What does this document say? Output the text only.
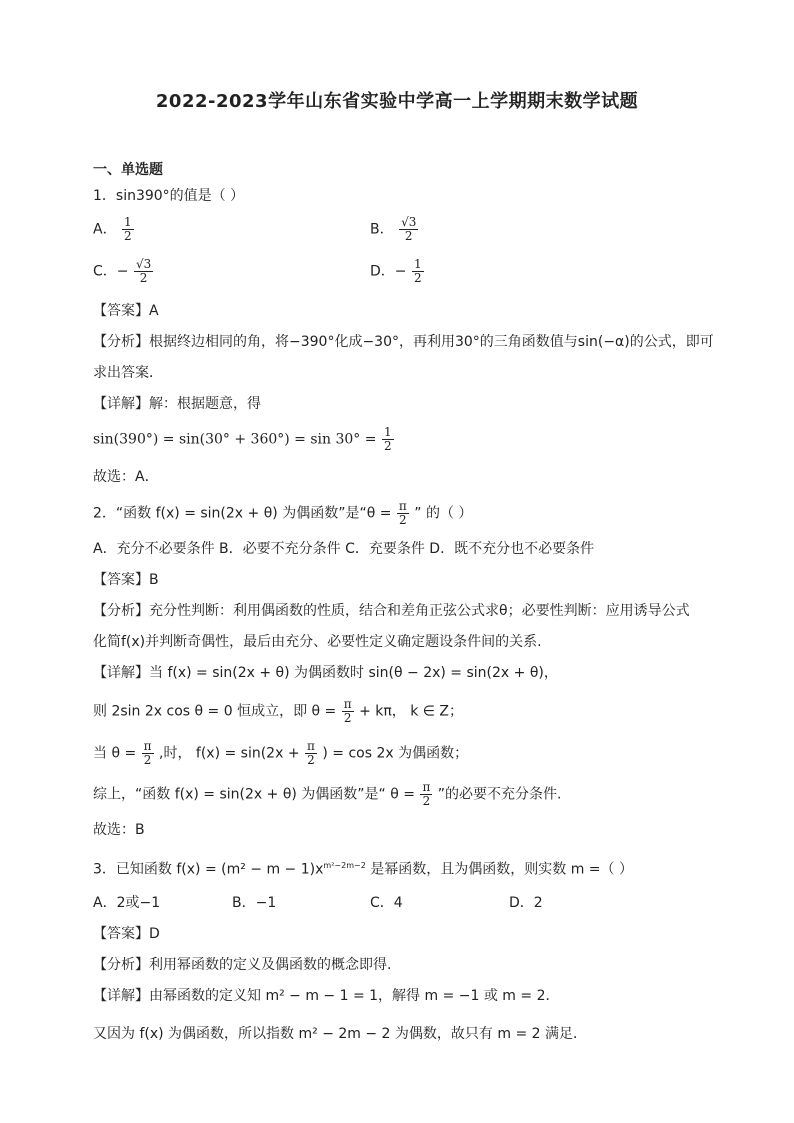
2022-2023学年山东省实验中学高一上学期期末数学试题
一、单选题
1．sin390°的值是（ ）
A． $\frac{1}{2}$	B． $\frac{√3}{2}$
C．− $\frac{√3}{2}$	D．− $\frac{1}{2}$
【答案】A
【分析】根据终边相同的角，将−390°化成−30°，再利用30°的三角函数值与sin(−α)的公式，即可
求出答案．
【详解】解：根据题意，得
$\sin(390^\circ) = \sin(30^\circ + 360^\circ) = \sin 30^\circ = \frac{1}{2}$
故选：A．
2．“函数 f(x) = sin(2x + θ) 为偶函数”是“$\theta = \frac{\pi}{2}$ ” 的（ ）
A．充分不必要条件 B．必要不充分条件 C．充要条件 D．既不充分也不必要条件
【答案】B
【分析】充分性判断：利用偶函数的性质，结合和差角正弦公式求θ；必要性判断：应用诱导公式
化简f(x)并判断奇偶性，最后由充分、必要性定义确定题设条件间的关系.
【详解】当 f(x) = sin(2x + θ) 为偶函数时 sin(θ − 2x) = sin(2x + θ)，
则 2sin 2x cos θ = 0 恒成立，即 $\theta = \frac{\pi}{2} + k\pi$， k ∈ Z；
当 $\theta = \frac{\pi}{2}$ ,时， $f(x) = \sin(2x + \frac{\pi}{2}$ ) = cos 2x 为偶函数；
综上，“函数 f(x) = sin(2x + θ) 为偶函数”是“ $\theta = \frac{\pi}{2}$ ”的必要不充分条件.
故选：B
3．已知函数 $f(x) = (m^2 - m - 1)x^{m^2-2m-2}$ 是幂函数，且为偶函数，则实数 m =（ ）
A．2或−1	B．−1	C．4	D．2
【答案】D
【分析】利用幂函数的定义及偶函数的概念即得.
【详解】由幂函数的定义知 m² − m − 1 = 1，解得 m = −1 或 m = 2．
又因为 f(x) 为偶函数，所以指数 m² − 2m − 2 为偶数，故只有 m = 2 满足．
